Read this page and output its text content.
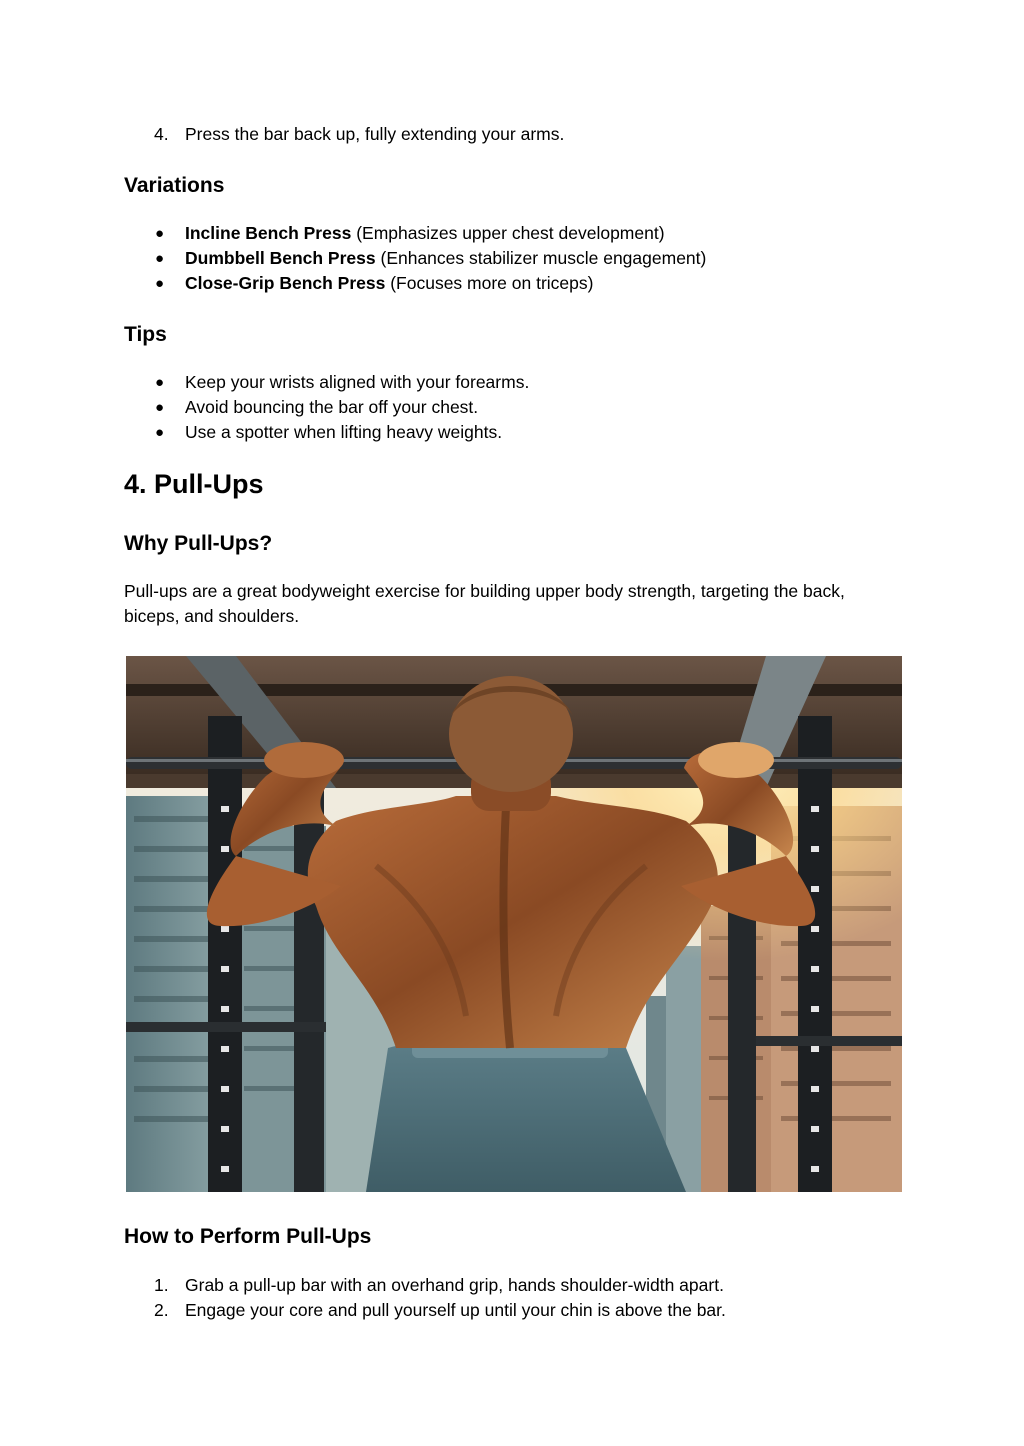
4. Press the bar back up, fully extending your arms.
Variations
● Incline Bench Press (Emphasizes upper chest development)
● Dumbbell Bench Press (Enhances stabilizer muscle engagement)
● Close-Grip Bench Press (Focuses more on triceps)
Tips
● Keep your wrists aligned with your forearms.
● Avoid bouncing the bar off your chest.
● Use a spotter when lifting heavy weights.
4. Pull-Ups
Why Pull-Ups?

Pull-ups are a great bodyweight exercise for building upper body strength, targeting the back, biceps, and shoulders.

How to Perform Pull-Ups
1. Grab a pull-up bar with an overhand grip, hands shoulder-width apart.
2. Engage your core and pull yourself up until your chin is above the bar.
